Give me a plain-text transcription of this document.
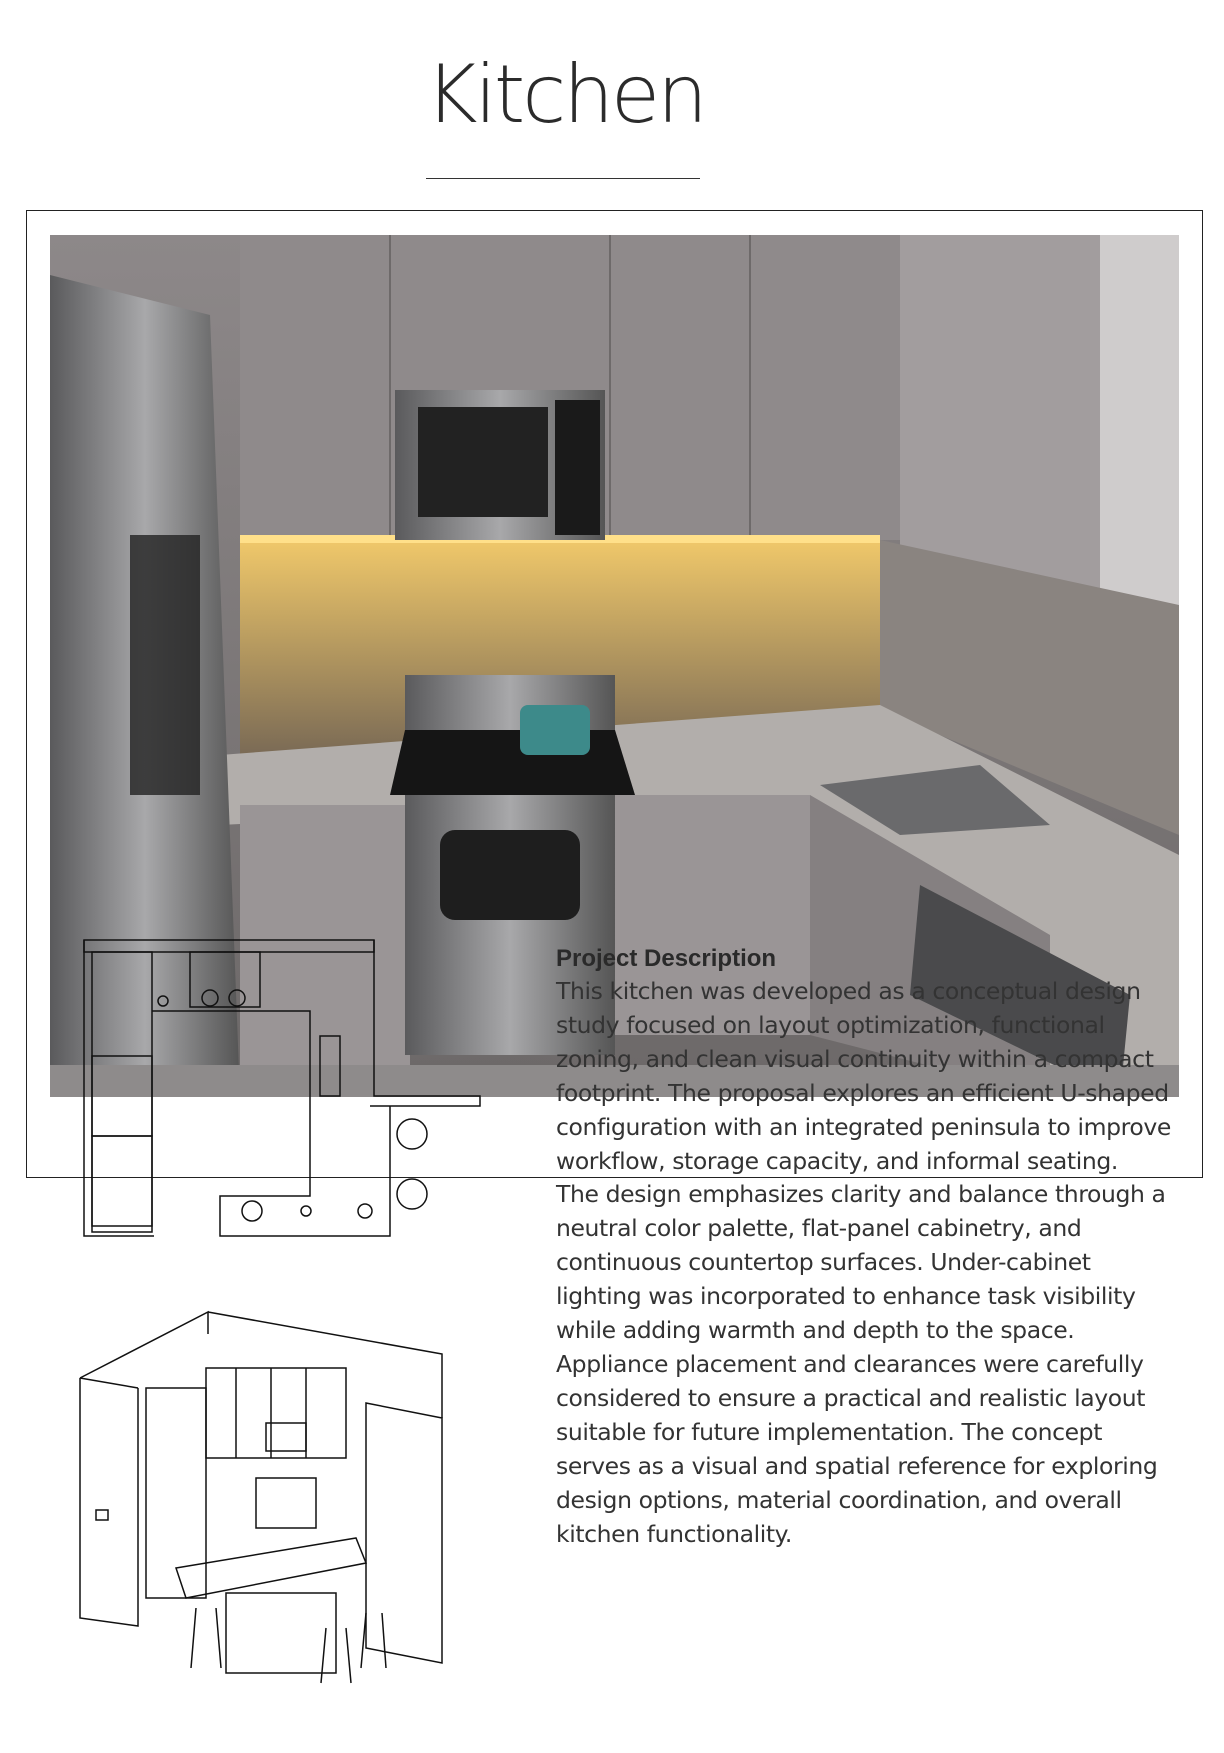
Kitchen
Project Description
This kitchen was developed as a conceptual design
study focused on layout optimization, functional
zoning, and clean visual continuity within a compact
footprint. The proposal explores an efficient U-shaped
configuration with an integrated peninsula to improve
workflow, storage capacity, and informal seating.
The design emphasizes clarity and balance through a
neutral color palette, flat-panel cabinetry, and
continuous countertop surfaces. Under-cabinet
lighting was incorporated to enhance task visibility
while adding warmth and depth to the space.
Appliance placement and clearances were carefully
considered to ensure a practical and realistic layout
suitable for future implementation. The concept
serves as a visual and spatial reference for exploring
design options, material coordination, and overall
kitchen functionality.
